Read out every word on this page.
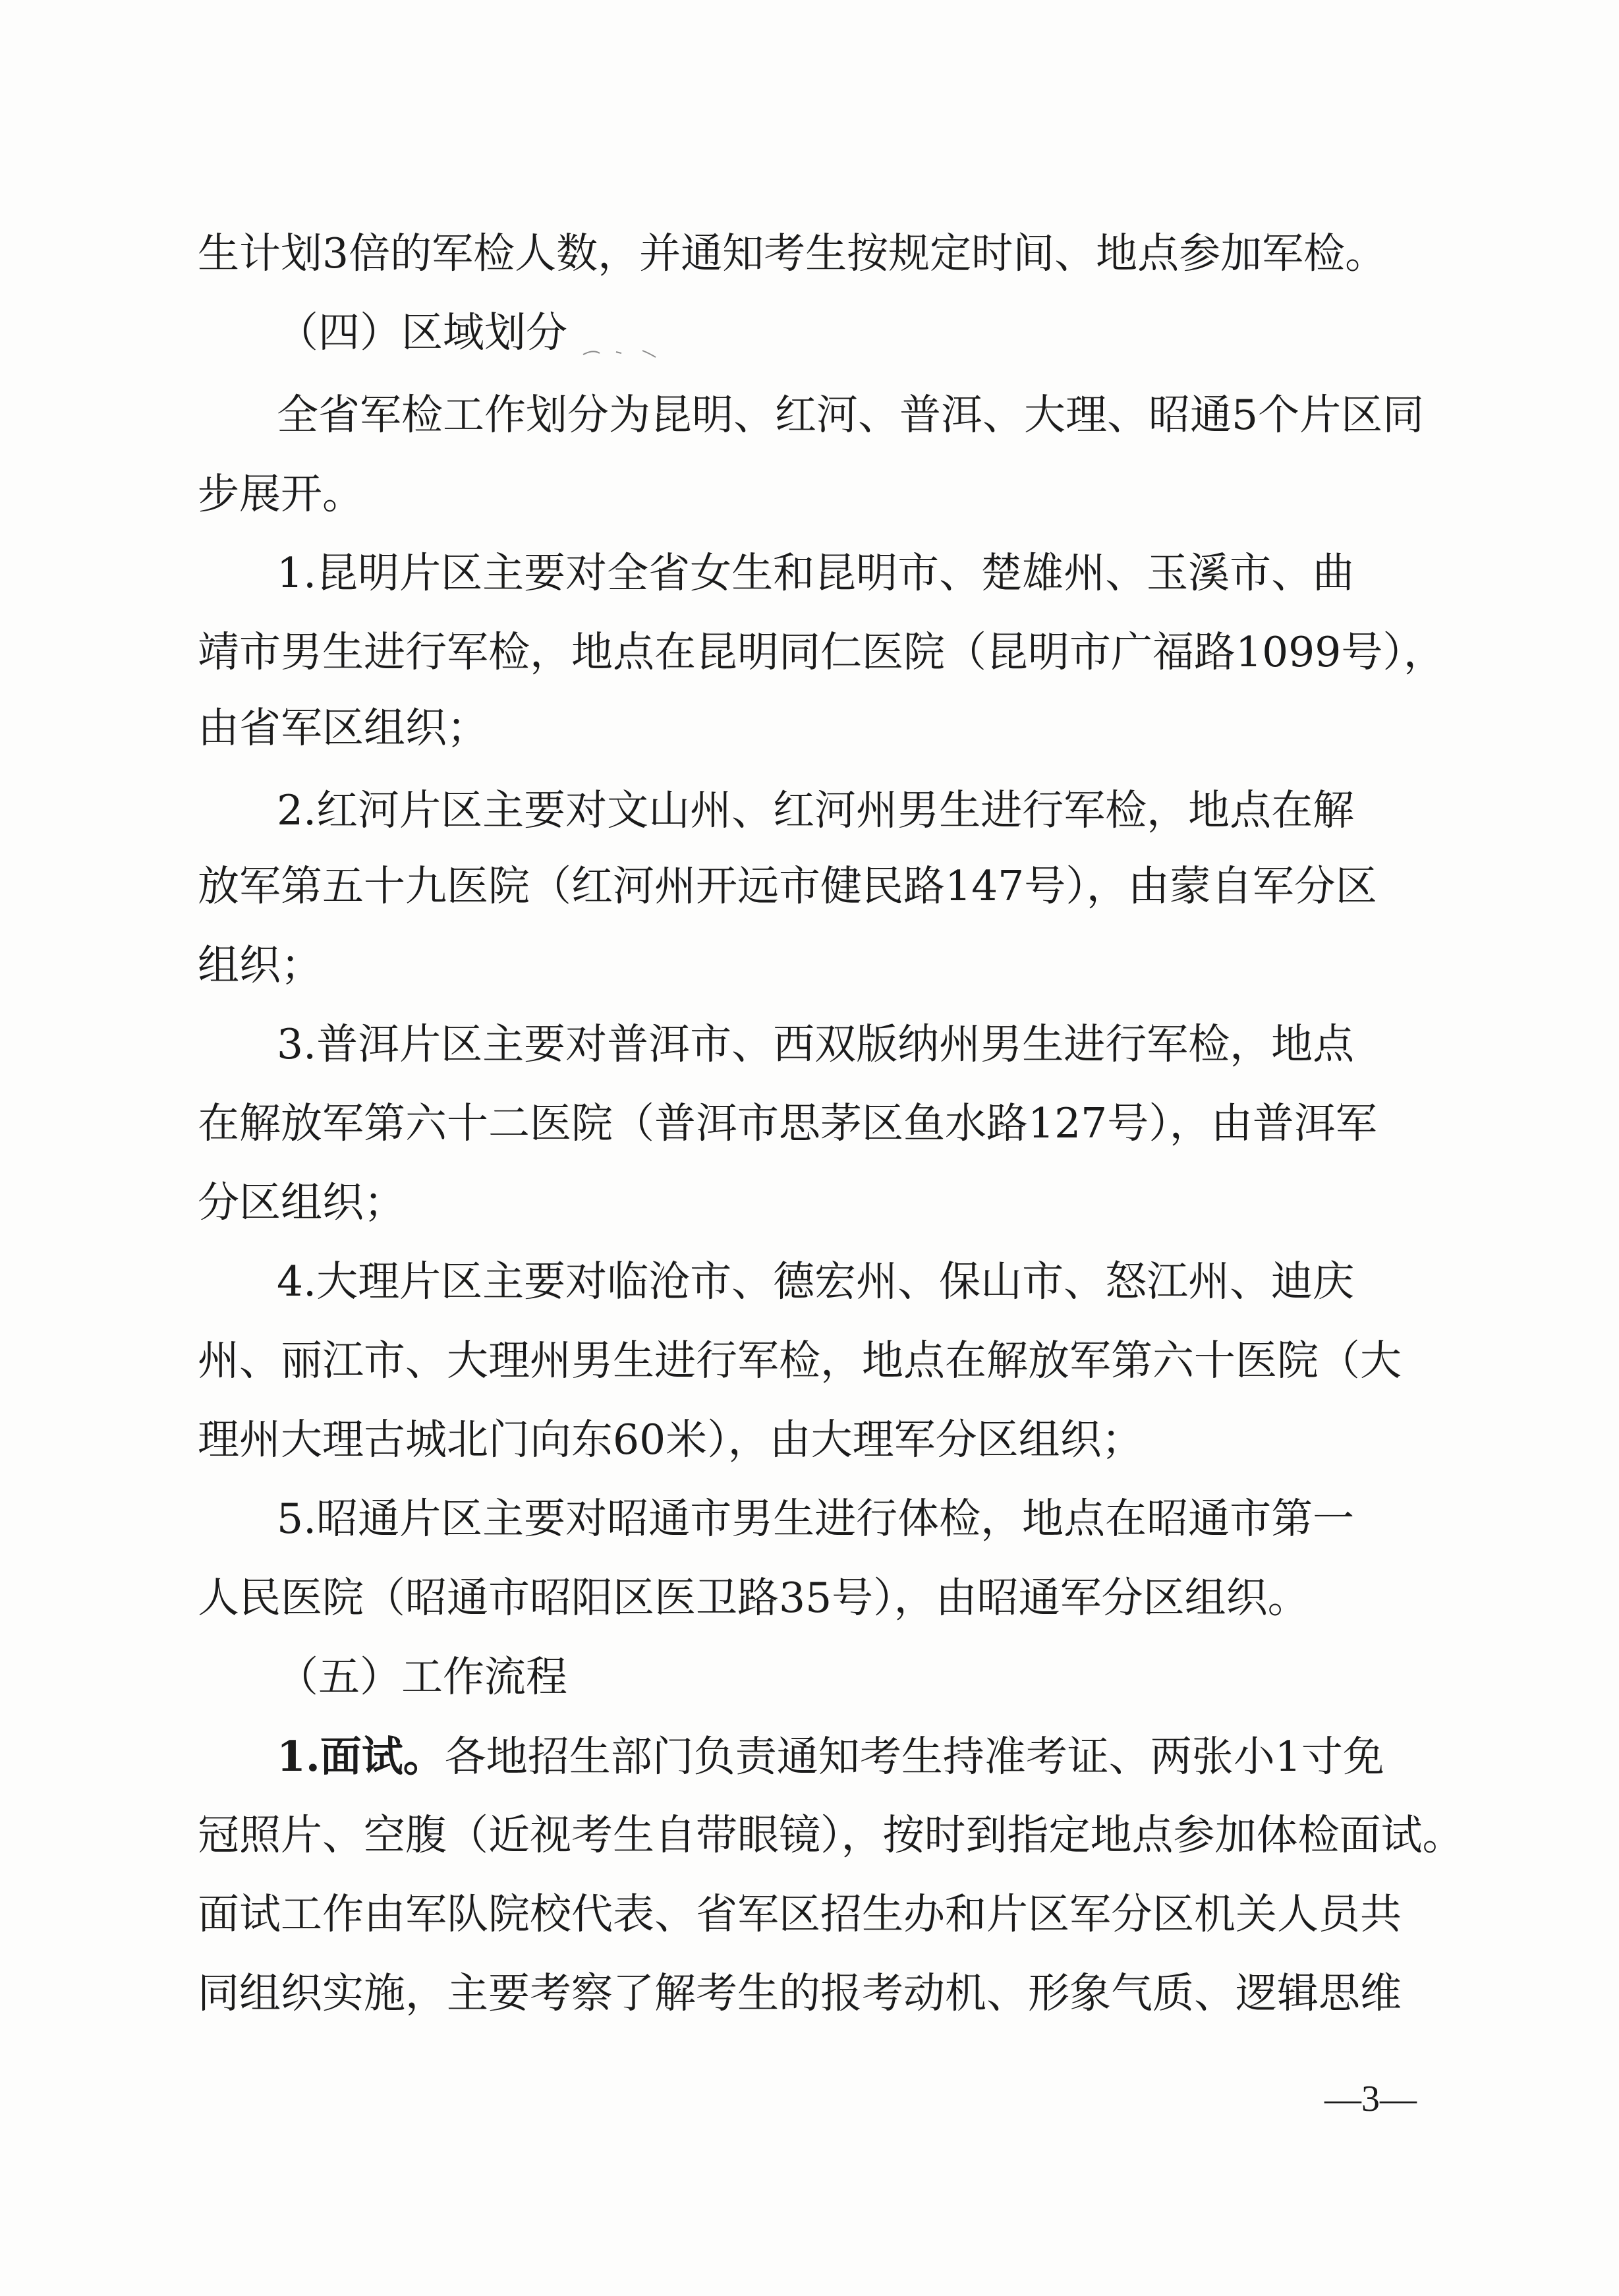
生计划3倍的军检人数，并通知考生按规定时间、地点参加军检。
（四）区域划分
全省军检工作划分为昆明、红河、普洱、大理、昭通5个片区同
步展开。
1.昆明片区主要对全省女生和昆明市、楚雄州、玉溪市、曲
靖市男生进行军检，地点在昆明同仁医院（昆明市广福路1099号），
由省军区组织；
2.红河片区主要对文山州、红河州男生进行军检，地点在解
放军第五十九医院（红河州开远市健民路147号），由蒙自军分区
组织；
3.普洱片区主要对普洱市、西双版纳州男生进行军检，地点
在解放军第六十二医院（普洱市思茅区鱼水路127号），由普洱军
分区组织；
4.大理片区主要对临沧市、德宏州、保山市、怒江州、迪庆
州、丽江市、大理州男生进行军检，地点在解放军第六十医院（大
理州大理古城北门向东60米），由大理军分区组织；
5.昭通片区主要对昭通市男生进行体检，地点在昭通市第一
人民医院（昭通市昭阳区医卫路35号），由昭通军分区组织。
（五）工作流程
1.面试。各地招生部门负责通知考生持准考证、两张小1寸免
冠照片、空腹（近视考生自带眼镜），按时到指定地点参加体检面试。
面试工作由军队院校代表、省军区招生办和片区军分区机关人员共
同组织实施，主要考察了解考生的报考动机、形象气质、逻辑思维
—3—
